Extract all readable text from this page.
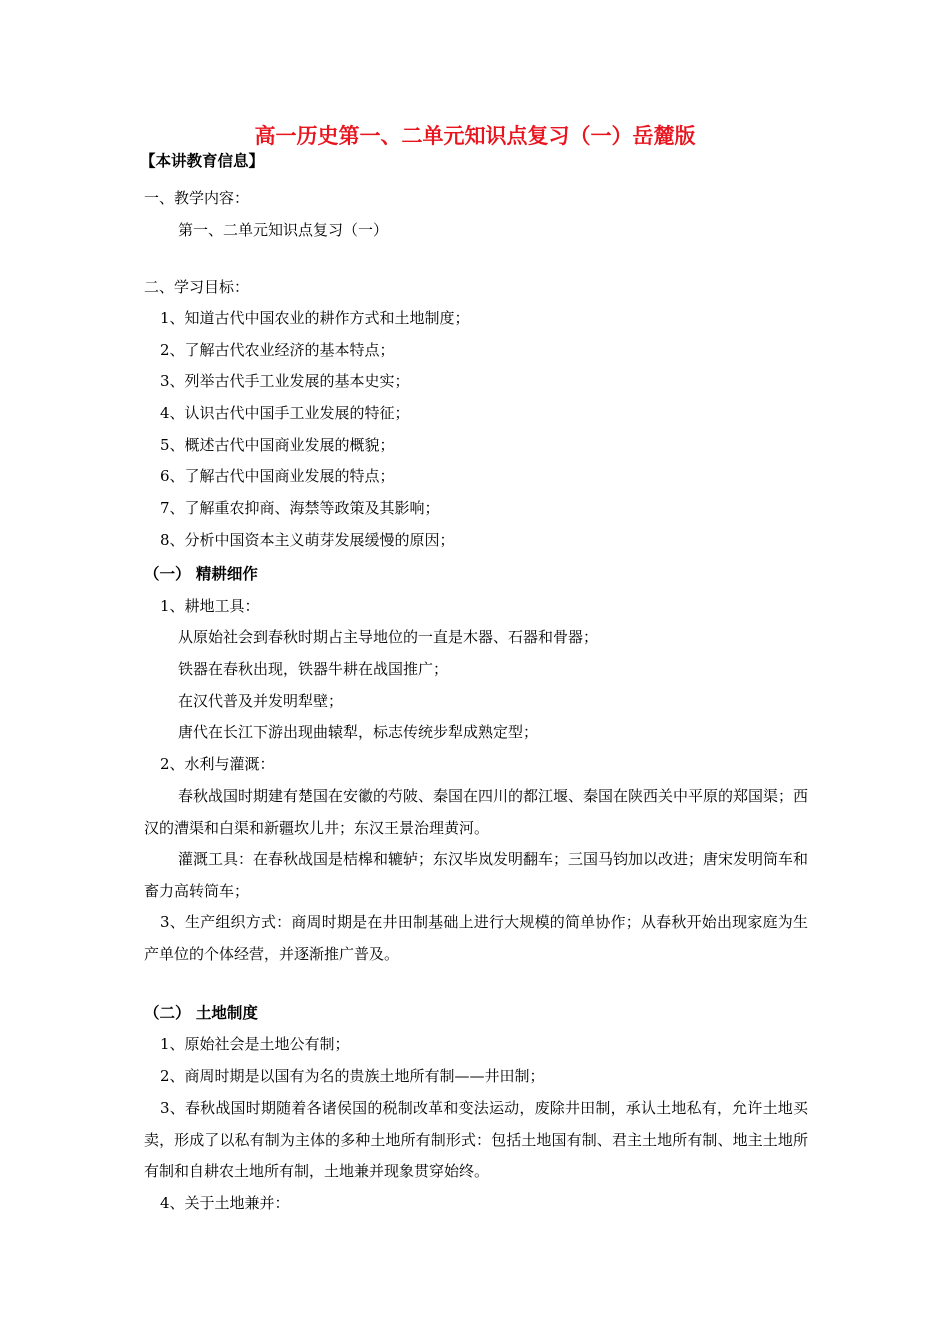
高一历史第一、二单元知识点复习（一）岳麓版
【本讲教育信息】
一、教学内容：
第一、二单元知识点复习（一）
二、学习目标：
1、知道古代中国农业的耕作方式和土地制度；
2、了解古代农业经济的基本特点；
3、列举古代手工业发展的基本史实；
4、认识古代中国手工业发展的特征；
5、概述古代中国商业发展的概貌；
6、了解古代中国商业发展的特点；
7、了解重农抑商、海禁等政策及其影响；
8、分析中国资本主义萌芽发展缓慢的原因；
（一） 精耕细作
1、耕地工具：
从原始社会到春秋时期占主导地位的一直是木器、石器和骨器；
铁器在春秋出现，铁器牛耕在战国推广；
在汉代普及并发明犁壁；
唐代在长江下游出现曲辕犁，标志传统步犁成熟定型；
2、水利与灌溉：
春秋战国时期建有楚国在安徽的芍陂、秦国在四川的都江堰、秦国在陕西关中平原的郑国渠；西汉的漕渠和白渠和新疆坎儿井；东汉王景治理黄河。
灌溉工具：在春秋战国是桔槔和辘轳；东汉毕岚发明翻车；三国马钧加以改进；唐宋发明筒车和畜力高转筒车；
3、生产组织方式：商周时期是在井田制基础上进行大规模的简单协作；从春秋开始出现家庭为生产单位的个体经营，并逐渐推广普及。
（二） 土地制度
1、原始社会是土地公有制；
2、商周时期是以国有为名的贵族土地所有制——井田制；
3、春秋战国时期随着各诸侯国的税制改革和变法运动，废除井田制，承认土地私有，允许土地买卖，形成了以私有制为主体的多种土地所有制形式：包括土地国有制、君主土地所有制、地主土地所有制和自耕农土地所有制，土地兼并现象贯穿始终。
4、关于土地兼并：
